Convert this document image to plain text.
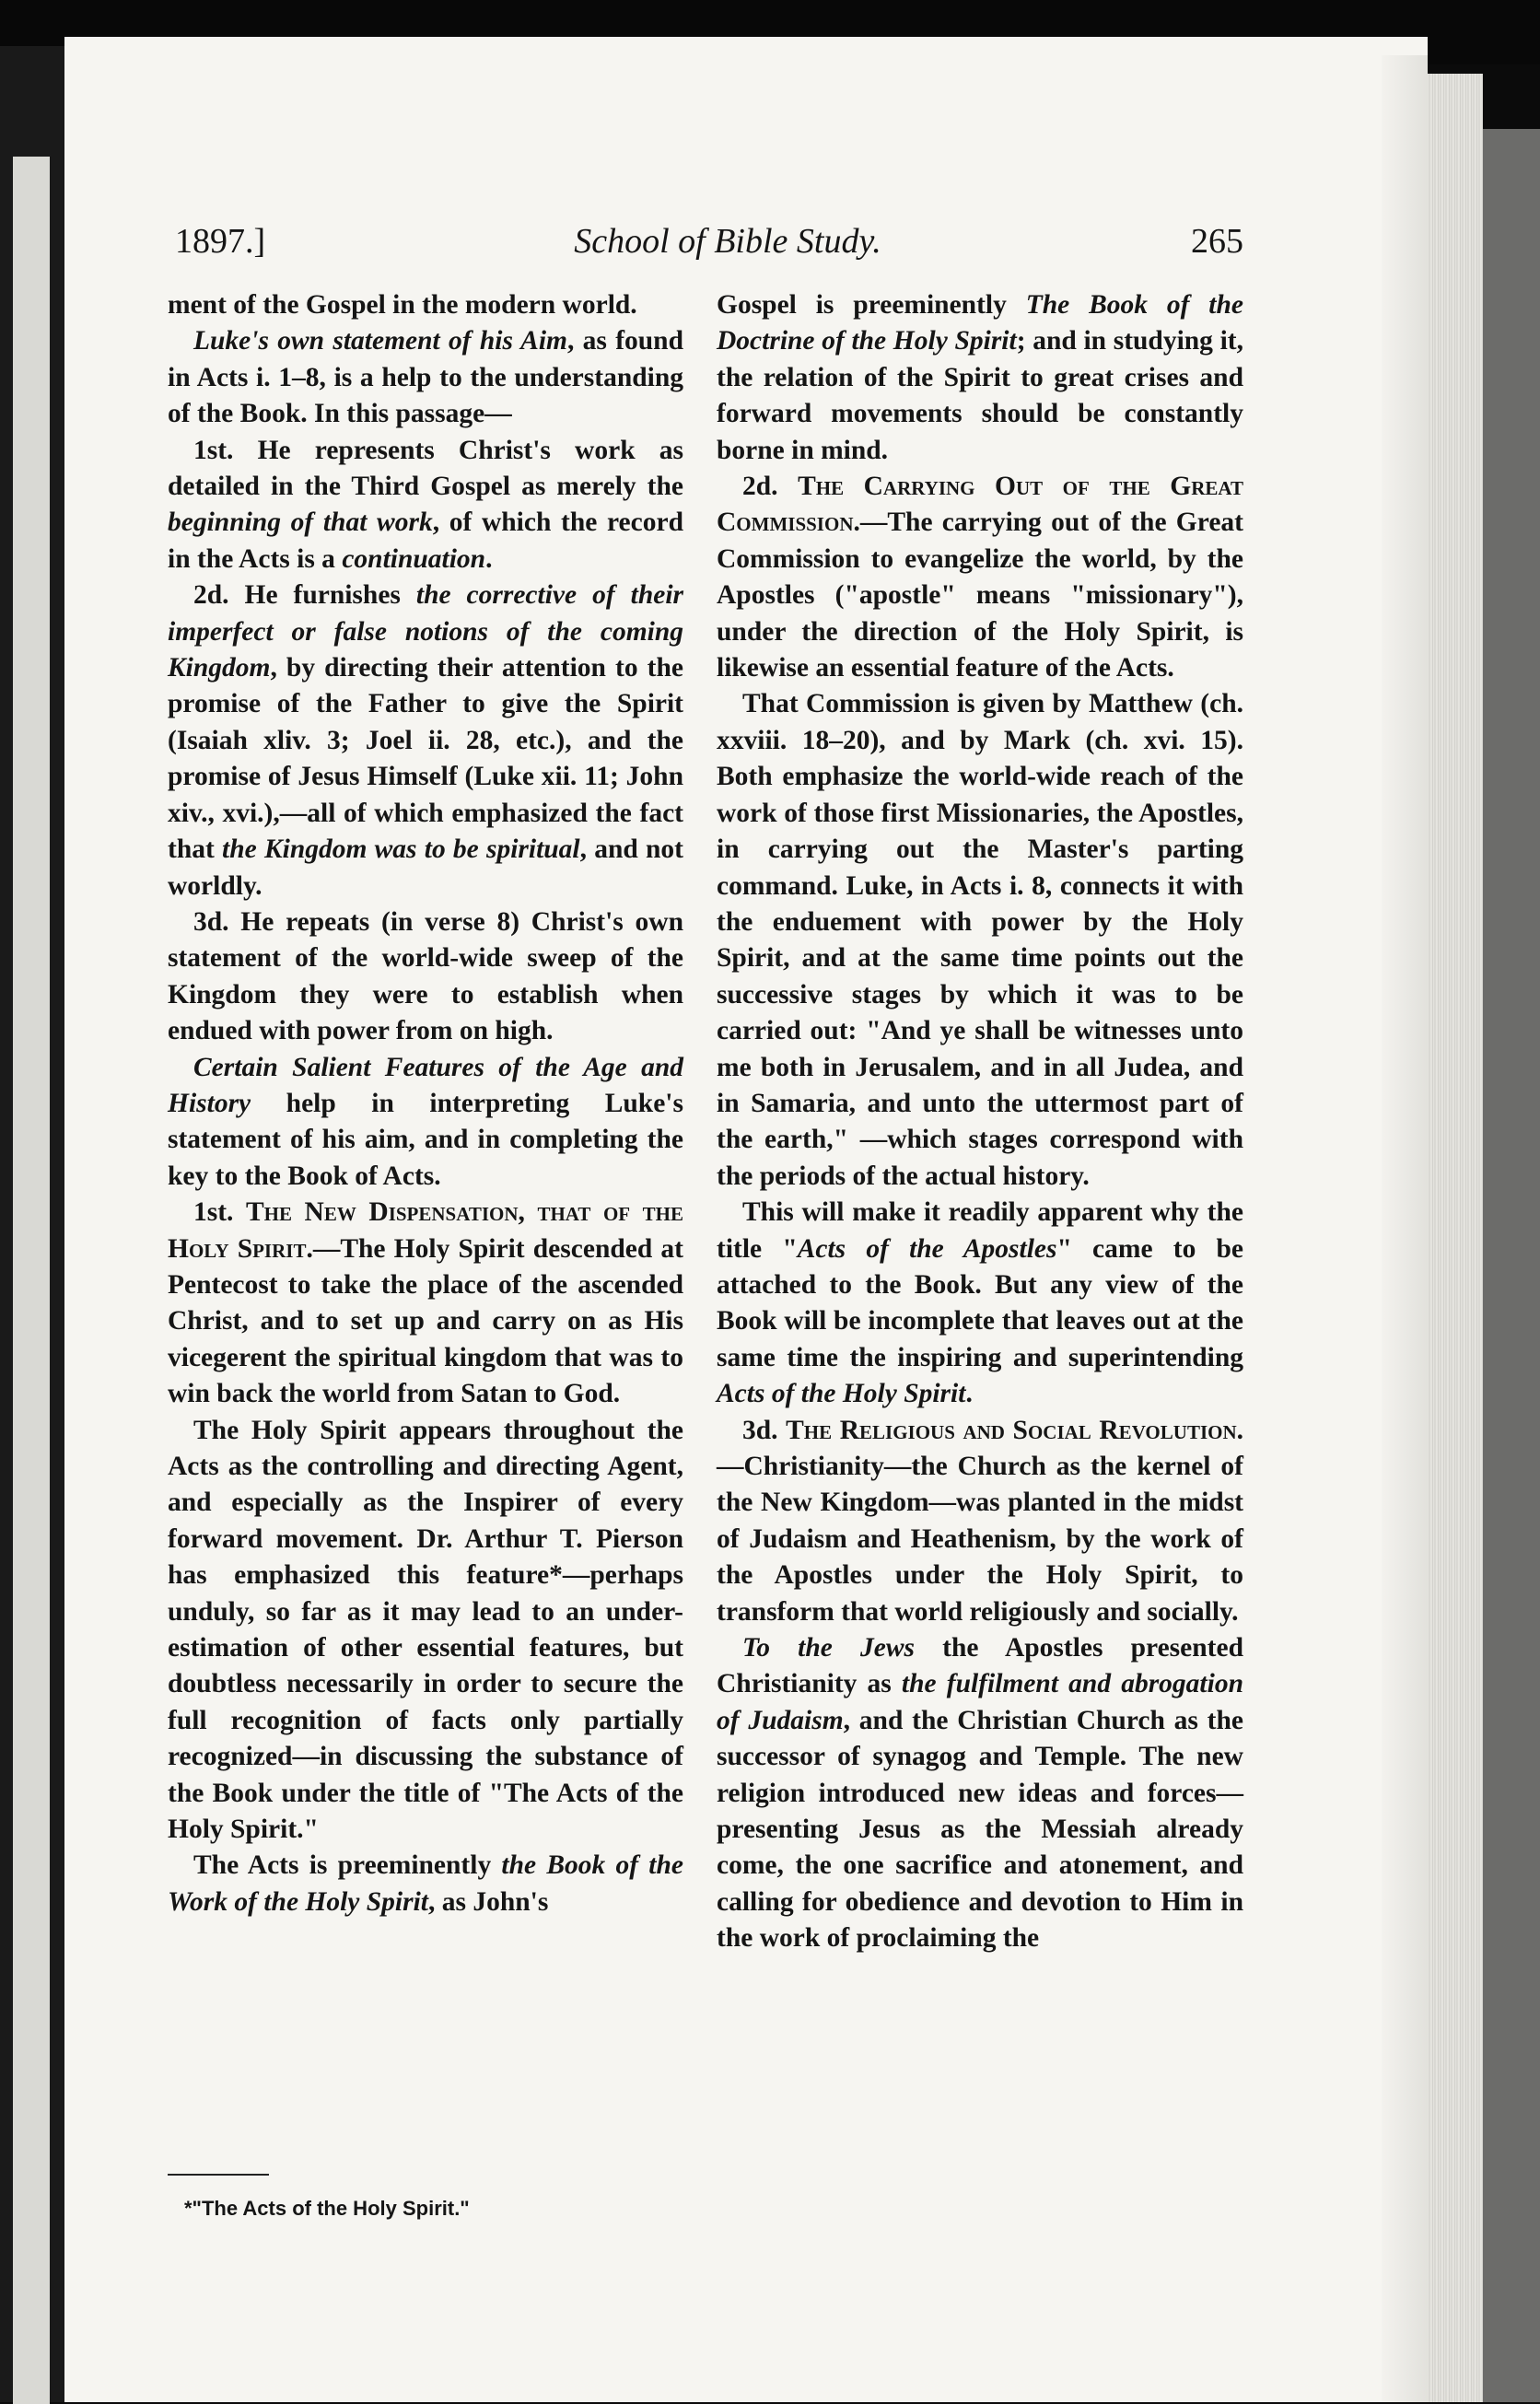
1897.]	School of Bible Study.	265

ment of the Gospel in the modern world.

Luke's own statement of his Aim, as found in Acts i. 1–8, is a help to the understanding of the Book. In this passage—

1st. He represents Christ's work as detailed in the Third Gospel as merely the beginning of that work, of which the record in the Acts is a continuation.

2d. He furnishes the corrective of their imperfect or false notions of the coming Kingdom, by directing their attention to the promise of the Father to give the Spirit (Isaiah xliv. 3; Joel ii. 28, etc.), and the promise of Jesus Himself (Luke xii. 11; John xiv., xvi.),—all of which emphasized the fact that the Kingdom was to be spiritual, and not worldly.

3d. He repeats (in verse 8) Christ's own statement of the world-wide sweep of the Kingdom they were to establish when endued with power from on high.

Certain Salient Features of the Age and History help in interpreting Luke's statement of his aim, and in completing the key to the Book of Acts.

1st. The New Dispensation, that of the Holy Spirit.—The Holy Spirit descended at Pentecost to take the place of the ascended Christ, and to set up and carry on as His vicegerent the spiritual kingdom that was to win back the world from Satan to God.

The Holy Spirit appears throughout the Acts as the controlling and directing Agent, and especially as the Inspirer of every forward movement. Dr. Arthur T. Pierson has emphasized this feature*—perhaps unduly, so far as it may lead to an under-estimation of other essential features, but doubtless necessarily in order to secure the full recognition of facts only partially recognized—in discussing the substance of the Book under the title of "The Acts of the Holy Spirit."

The Acts is preeminently the Book of the Work of the Holy Spirit, as John's

Gospel is preeminently The Book of the Doctrine of the Holy Spirit; and in studying it, the relation of the Spirit to great crises and forward movements should be constantly borne in mind.

2d. The Carrying Out of the Great Commission.—The carrying out of the Great Commission to evangelize the world, by the Apostles ("apostle" means "missionary"), under the direction of the Holy Spirit, is likewise an essential feature of the Acts.

That Commission is given by Matthew (ch. xxviii. 18–20), and by Mark (ch. xvi. 15). Both emphasize the world-wide reach of the work of those first Missionaries, the Apostles, in carrying out the Master's parting command. Luke, in Acts i. 8, connects it with the enduement with power by the Holy Spirit, and at the same time points out the successive stages by which it was to be carried out: "And ye shall be witnesses unto me both in Jerusalem, and in all Judea, and in Samaria, and unto the uttermost part of the earth," —which stages correspond with the periods of the actual history.

This will make it readily apparent why the title "Acts of the Apostles" came to be attached to the Book. But any view of the Book will be incomplete that leaves out at the same time the inspiring and superintending Acts of the Holy Spirit.

3d. The Religious and Social Revolution.—Christianity—the Church as the kernel of the New Kingdom—was planted in the midst of Judaism and Heathenism, by the work of the Apostles under the Holy Spirit, to transform that world religiously and socially.

To the Jews the Apostles presented Christianity as the fulfilment and abrogation of Judaism, and the Christian Church as the successor of synagog and Temple. The new religion introduced new ideas and forces—presenting Jesus as the Messiah already come, the one sacrifice and atonement, and calling for obedience and devotion to Him in the work of proclaiming the

*"The Acts of the Holy Spirit."
